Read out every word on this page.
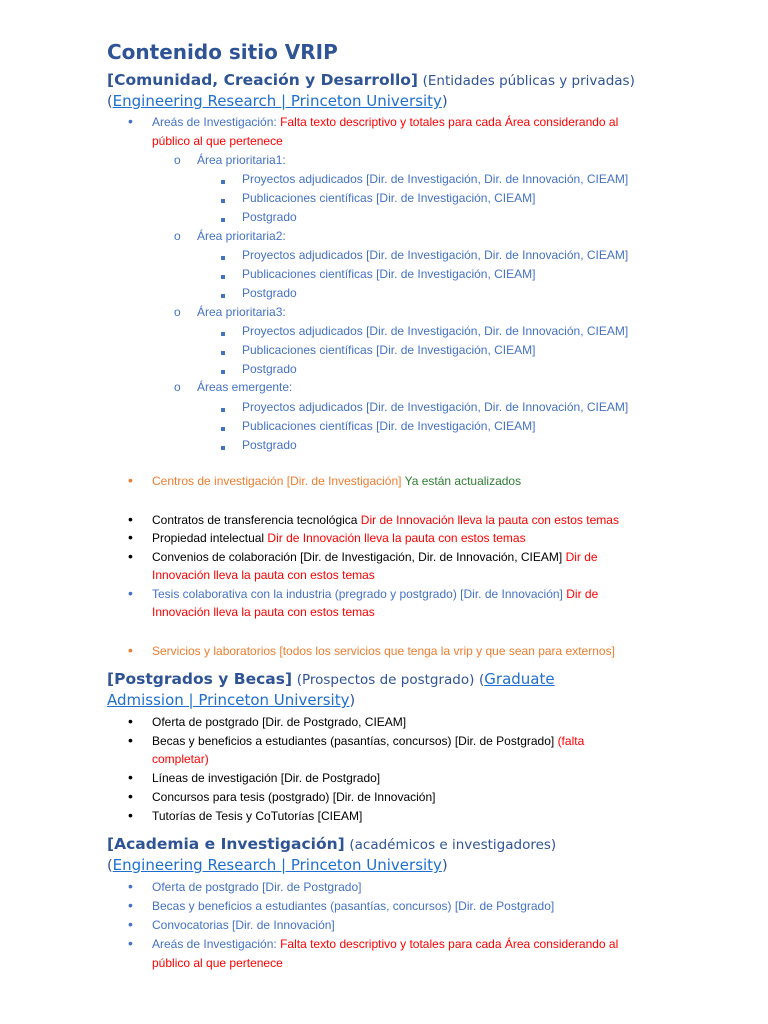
Contenido sitio VRIP
[Comunidad, Creación y Desarrollo] (Entidades públicas y privadas)
(Engineering Research | Princeton University)
• Areás de Investigación: Falta texto descriptivo y totales para cada Área considerando al
público al que pertenece
o Área prioritaria1:
Proyectos adjudicados [Dir. de Investigación, Dir. de Innovación, CIEAM]
Publicaciones científicas [Dir. de Investigación, CIEAM]
Postgrado
o Área prioritaria2:
Proyectos adjudicados [Dir. de Investigación, Dir. de Innovación, CIEAM]
Publicaciones científicas [Dir. de Investigación, CIEAM]
Postgrado
o Área prioritaria3:
Proyectos adjudicados [Dir. de Investigación, Dir. de Innovación, CIEAM]
Publicaciones científicas [Dir. de Investigación, CIEAM]
Postgrado
o Áreas emergente:
Proyectos adjudicados [Dir. de Investigación, Dir. de Innovación, CIEAM]
Publicaciones científicas [Dir. de Investigación, CIEAM]
Postgrado
• Centros de investigación [Dir. de Investigación] Ya están actualizados
• Contratos de transferencia tecnológica Dir de Innovación lleva la pauta con estos temas
• Propiedad intelectual Dir de Innovación lleva la pauta con estos temas
• Convenios de colaboración [Dir. de Investigación, Dir. de Innovación, CIEAM] Dir de
Innovación lleva la pauta con estos temas
• Tesis colaborativa con la industria (pregrado y postgrado) [Dir. de Innovación] Dir de
Innovación lleva la pauta con estos temas
• Servicios y laboratorios [todos los servicios que tenga la vrip y que sean para externos]
[Postgrados y Becas] (Prospectos de postgrado) (Graduate
Admission | Princeton University)
• Oferta de postgrado [Dir. de Postgrado, CIEAM]
• Becas y beneficios a estudiantes (pasantías, concursos) [Dir. de Postgrado] (falta
completar)
• Líneas de investigación [Dir. de Postgrado]
• Concursos para tesis (postgrado) [Dir. de Innovación]
• Tutorías de Tesis y CoTutorías [CIEAM]
[Academia e Investigación] (académicos e investigadores)
(Engineering Research | Princeton University)
• Oferta de postgrado [Dir. de Postgrado]
• Becas y beneficios a estudiantes (pasantías, concursos) [Dir. de Postgrado]
• Convocatorias [Dir. de Innovación]
• Areás de Investigación: Falta texto descriptivo y totales para cada Área considerando al
público al que pertenece
